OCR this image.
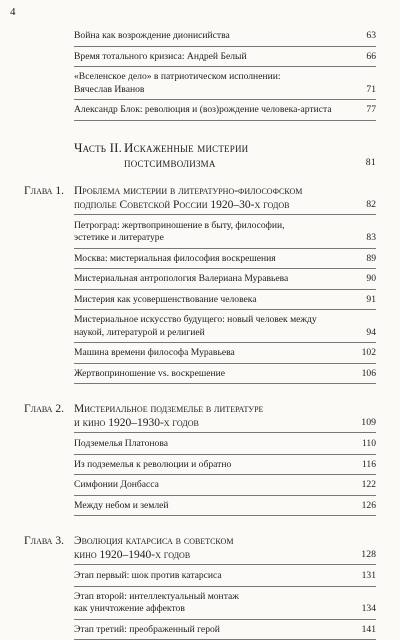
4
Война как возрождение дионисийства	63
Время тотального кризиса: Андрей Белый	66
«Вселенское дело» в патриотическом исполнении:
Вячеслав Иванов	71
Александр Блок: революция и (воз)рождение человека-артиста	77
Часть II. Искаженные мистерии
постсимволизма	81
Глава 1. Проблема мистерии в литературно-философском
подполье Советской России 1920–30-х годов	82
Петроград: жертвоприношение в быту, философии,
эстетике и литературе	83
Москва: мистериальная философия воскрешения	89
Мистериальная антропология Валериана Муравьева	90
Мистерия как усовершенствование человека	91
Мистериальное искусство будущего: новый человек между
наукой, литературой и религией	94
Машина времени философа Муравьева	102
Жертвоприношение vs. воскрешение	106
Глава 2. Мистериальное подземелье в литературе
и кино 1920–1930-х годов	109
Подземелья Платонова	110
Из подземелья к революции и обратно	116
Симфонии Донбасса	122
Между небом и землей	126
Глава 3. Эволюция катарсиса в советском
кино 1920–1940-х годов	128
Этап первый: шок против катарсиса	131
Этап второй: интеллектуальный монтаж
как уничтожение аффектов	134
Этап третий: преображенный герой	141
